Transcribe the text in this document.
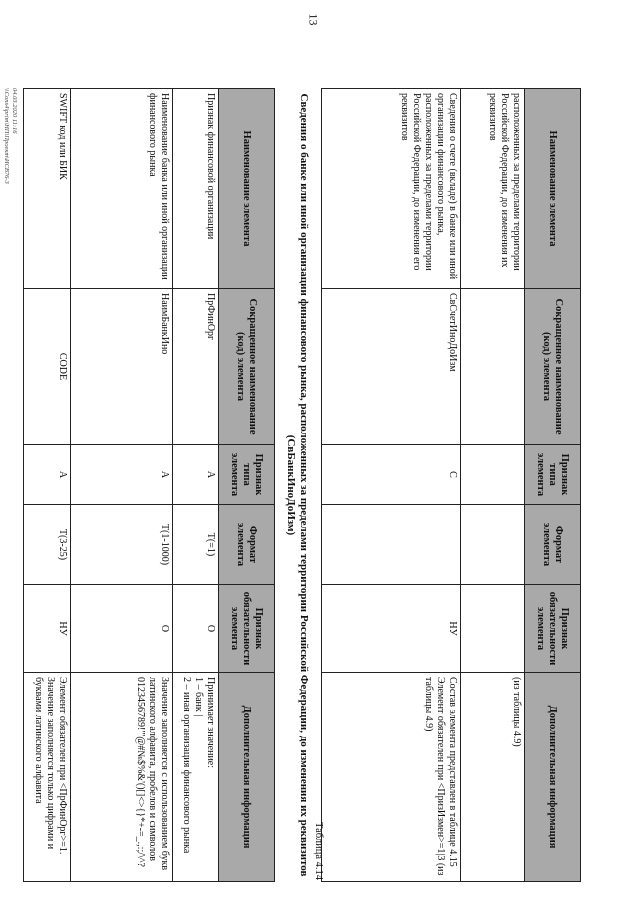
13
Наименование элемента
Сокращенное наименование (код) элемента
Признак типа элемента
Формат элемента
Признак обязательности элемента
Дополнительная информация
расположенных за пределами территории Российской Федерации, до изменения их реквизитов
(из таблицы 4.9)
Сведения о счете (вкладе) в банке или иной организации финансового рынка, расположенных за пределами территории Российской Федерации, до изменения его реквизитов
СвСчетИноДоИзм
С
НУ
Состав элемента представлен в таблице 4.15
Элемент обязателен при <ПризИзмен>=1|3 (из таблицы 4.9)
Таблица 4.14
Сведения о банке или иной организации финансового рынка, расположенных за пределами территории Российской Федерации, до изменения их реквизитов (СвБанкИноДоИзм)
Наименование элемента
Сокращенное наименование (код) элемента
Признак типа элемента
Формат элемента
Признак обязательности элемента
Дополнительная информация
Признак финансовой организации
ПрФинОрг
А
Т(=1)
О
Принимает значение:
1 – банк |
2 – иная организация финансового рынка
Наименование банка или иной организации финансового рынка
НаимБанкИно
А
Т(1-1000)
О
Значение заполняется с использованием букв латинского алфавита, пробелов и символов
0123456789!"'@#№$%&'()[]<>{}*+-=_.,:;/\^?
SWIFT код или БИК
CODE
А
Т(3-25)
НУ
Элемент обязателен при <ПрФинОрг>=1.
Значение заполняется только цифрами и буквами латинского алфавита
04.03.2020 11:16
\\Cons4\prim\НП\Проект\ИСВ76-3
